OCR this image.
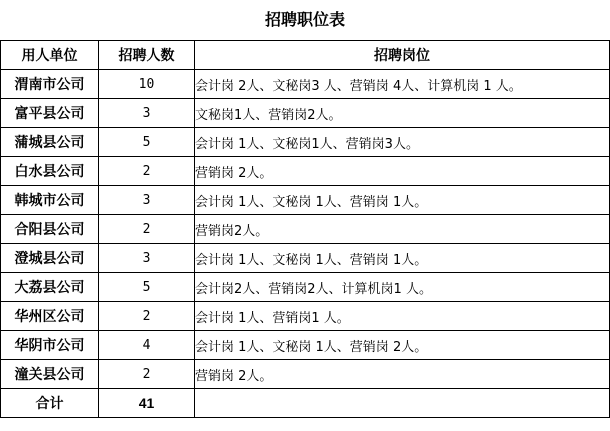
招聘职位表
用人单位	招聘人数	招聘岗位
渭南市公司	10	会计岗 2人、文秘岗3 人、营销岗 4人、计算机岗 1 人。
富平县公司	3	文秘岗1人、营销岗2人。
蒲城县公司	5	会计岗 1人、文秘岗1人、营销岗3人。
白水县公司	2	营销岗 2人。
韩城市公司	3	会计岗 1人、文秘岗 1人、营销岗 1人。
合阳县公司	2	营销岗2人。
澄城县公司	3	会计岗 1人、文秘岗 1人、营销岗 1人。
大荔县公司	5	会计岗2人、营销岗2人、计算机岗1 人。
华州区公司	2	会计岗 1人、营销岗1 人。
华阴市公司	4	会计岗 1人、文秘岗 1人、营销岗 2人。
潼关县公司	2	营销岗 2人。
合计	41	
